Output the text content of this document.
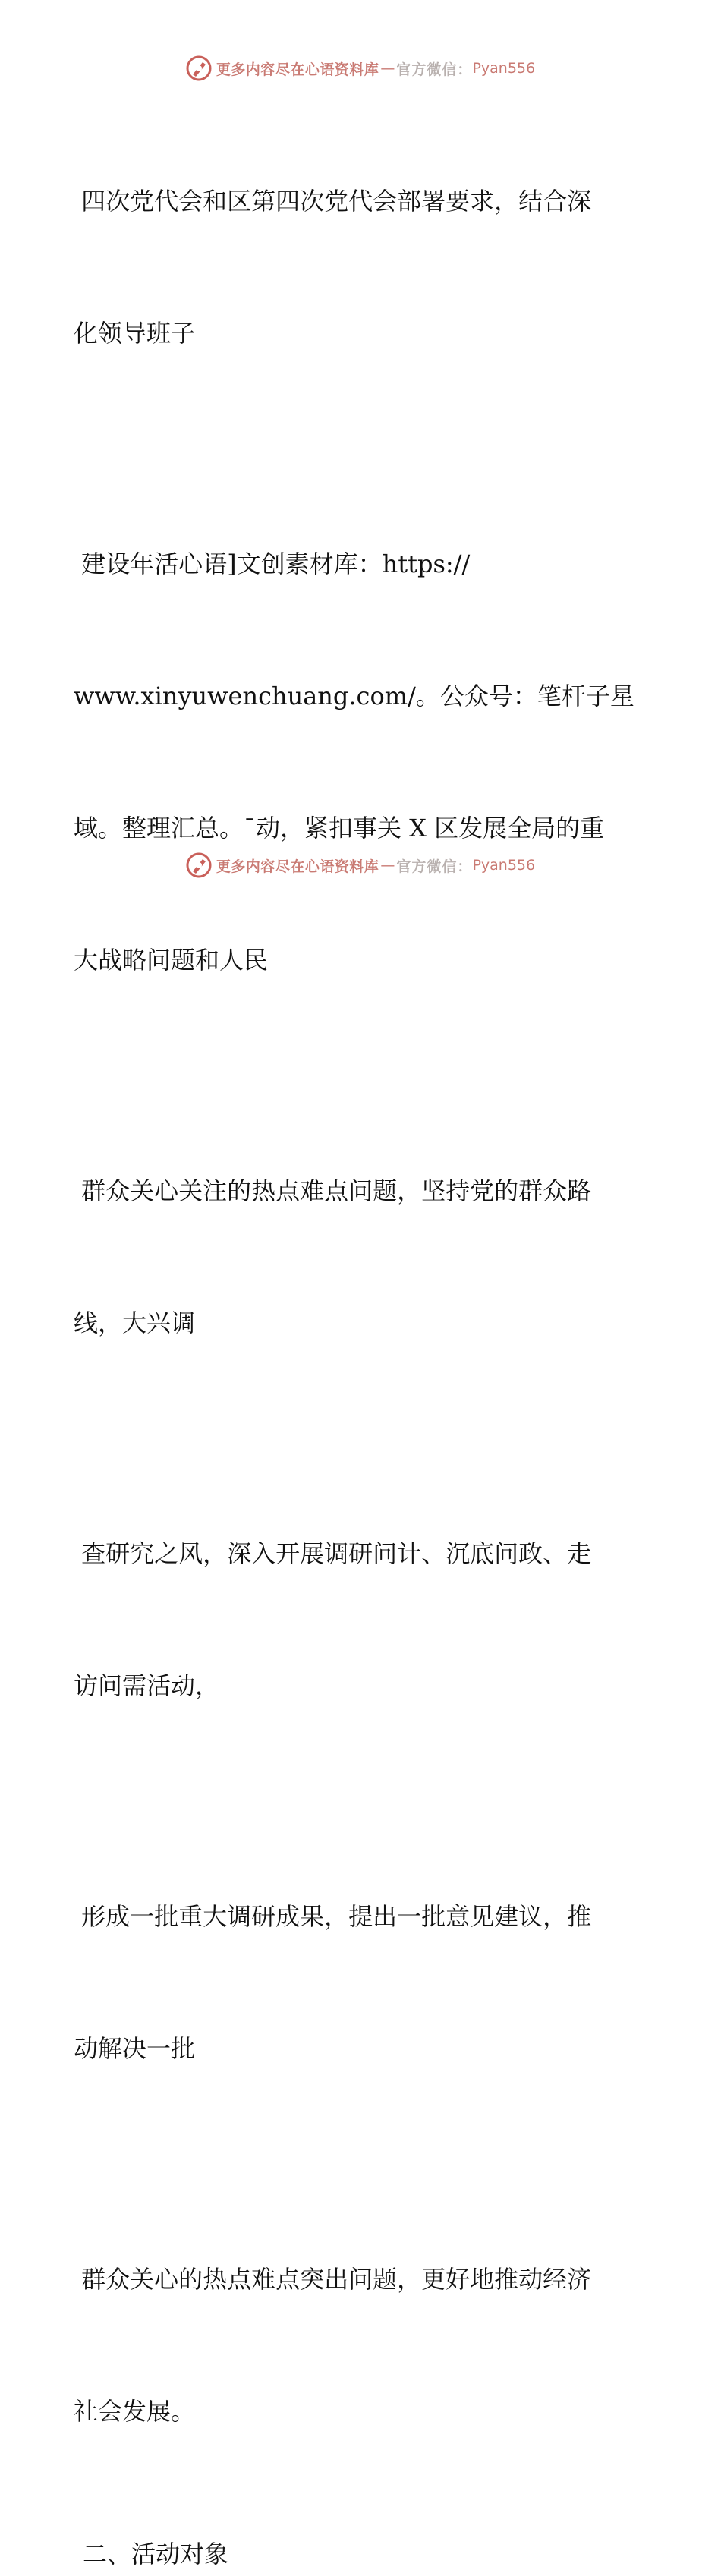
更多内容尽在心语资料库 — 官方微信： Pyan556

四次党代会和区第四次党代会部署要求，结合深

化领导班子

建设年活心语]文创素材库：https://

www.xinyuwenchuang.com/。公众号：笔杆子星

域。整理汇总。¯动，紧扣事关 X 区发展全局的重

大战略问题和人民

群众关心关注的热点难点问题，坚持党的群众路

线，大兴调

查研究之风，深入开展调研问计、沉底问政、走

访问需活动，

形成一批重大调研成果，提出一批意见建议，推

动解决一批

群众关心的热点难点突出问题，更好地推动经济

社会发展。

二、活动对象
更多内容尽在心语资料库 — 官方微信： Pyan556
